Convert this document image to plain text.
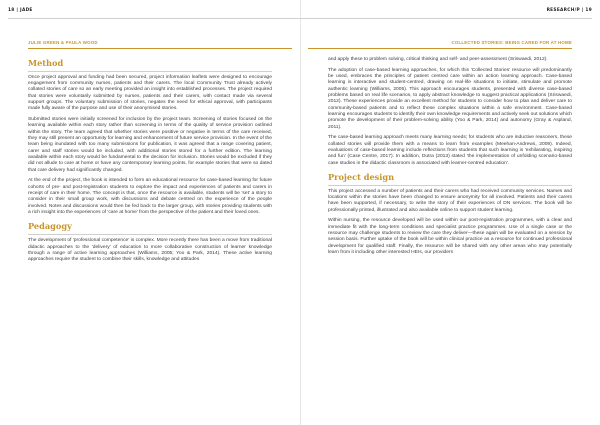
18 | JADE
JULIE GREEN & PAULA WOOD
Method

Once project approval and funding had been secured, project information leaflets were designed to encourage engagement from community nurses, patients and their carers. The local Community Trust already actively collated stories of care so an early meeting provided an insight into established processes. The project required that stories were voluntarily submitted by nurses, patients and their carers, with contact made via several support groups. The voluntary submission of stories, negates the need for ethical approval, with participants made fully aware of the purpose and use of their anonymised stories.

Submitted stories were initially screened for inclusion by the project team. Screening of stories focused on the learning available within each story rather than screening in terms of the quality of service provision outlined within the story. The team agreed that whether stories were positive or negative in terms of the care received, they may still present an opportunity for learning and enhancement of future service provision. In the event of the team being inundated with too many submissions for publication, it was agreed that a range covering patient, carer and staff stories would be included, with additional stories stored for a further edition. The learning available within each story would be fundamental to the decision for inclusion. Stories would be excluded if they did not allude to care at home or have any contemporary learning points, for example stories that were so dated that care delivery had significantly changed.

At the end of the project, the book is intended to form an educational resource for case-based learning for future cohorts of pre- and post-registration students to explore the impact and experiences of patients and carers in receipt of care in their home. The concept is that, once the resource is available, students will be 'set' a story to consider in their small group work, with discussions and debate centred on the experience of the people involved. Notes and discussions would then be fed back to the larger group, with stories providing students with a rich insight into the experiences of 'care at home' from the perspective of the patient and their loved ones.

Pedagogy

The development of 'professional competence' is complex. More recently there has been a move from traditional didactic approaches to the 'delivery' of education to more collaborative construction of learner knowledge through a range of active learning approaches (Williams, 2005; Yoo & Park, 2014). These active learning approaches require the student to combine their skills, knowledge and attitudes

RESEARCH/P | 19
COLLECTED STORIES: BEING CARED FOR AT HOME

and apply these to problem solving, critical thinking and self- and peer-assessment (Sriswaedi, 2012).

The adoption of case-based learning approaches, for which this 'Collected Stories' resource will predominantly be used, embraces the principles of patient centred care within an action learning approach. Case-based learning is interactive and student-centred, drawing on real-life situations to initiate, stimulate and promote authentic learning (Williams, 2005). This approach encourages students, presented with diverse case-based problems based on real life scenarios, to apply abstract knowledge to suggest practical applications (Sriswaedi, 2012). These experiences provide an excellent method for students to consider how to plan and deliver care to community-based patients and to reflect these complex situations within a safe environment. Case-based learning encourages students to identify their own knowledge requirements and actively seek out solutions which promote the development of their problem-solving ability (Yoo & Park, 2014) and autonomy (Gray & Aspland, 2011).

The case-based learning approach meets many learning needs; for students who are inductive reasoners, these collated stories will provide them with a means to learn from examples (Meehan-Andrews, 2009). Indeed, evaluations of case-based learning include reflections from students that such learning is 'exhilarating, inspiring and fun' (Case Centre, 2017). In addition, Dutra (2013) stated 'the implementation of unfolding scenario-based case studies in the didactic classroom is associated with learner-centred education'.

Project design

This project accessed a number of patients and their carers who had received community services. Names and locations within the stories have been changed to ensure anonymity for all involved. Patients and their carers have been supported, if necessary, to write the story of their experiences of DN services. The book will be professionally printed, illustrated and also available online to support student learning.

Within nursing, the resource developed will be used within our post-registration programmes, with a clear and immediate fit with the long-term conditions and specialist practice programmes. Use of a single case or the resource may challenge students to review the care they deliver—these again will be evaluated on a session by session basis. Further uptake of the book will be within clinical practice as a resource for continued professional development for qualified staff. Finally, the resource will be shared with any other areas who may potentially learn from it including other interested HEIs, our providers
